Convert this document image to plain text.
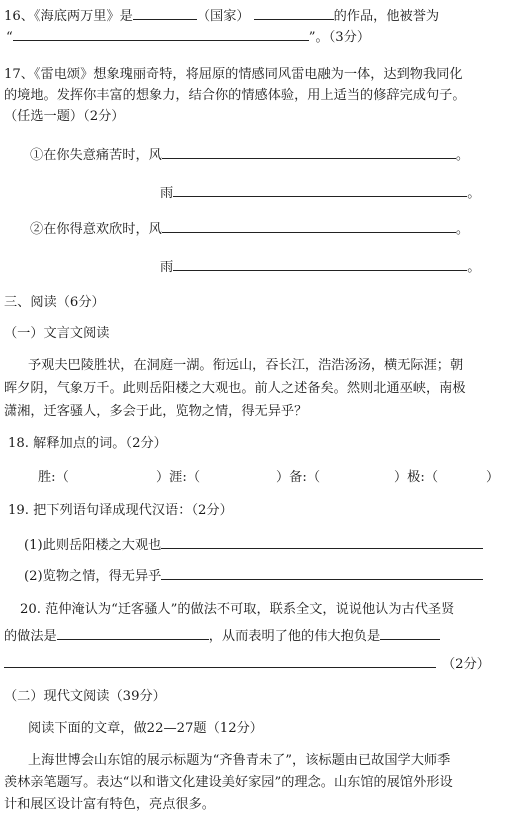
16、《海底两万里》是	（国家）	的作品，他被誉为
“	”。（3分）
17、《雷电颂》想象瑰丽奇特，将屈原的情感同风雷电融为一体，达到物我同化
的境地。发挥你丰富的想象力，结合你的情感体验，用上适当的修辞完成句子。
（任选一题）（2分）
①在你失意痛苦时，风	。
雨	。
②在你得意欢欣时，风	。
雨	。
三、阅读（6分）
（一）文言文阅读
予观夫巴陵胜状，在洞庭一湖。衔远山，吞长江，浩浩汤汤，横无际涯；朝
晖夕阴，气象万千。此则岳阳楼之大观也。前人之述备矣。然则北通巫峡，南极
潇湘，迁客骚人，多会于此，览物之情，得无异乎？
18. 解释加点的词。（2分）
胜:（	）涯:（	）备:（	）极:（	）
19. 把下列语句译成现代汉语：（2分）
(1)此则岳阳楼之大观也
(2)览物之情，得无异乎
20. 范仲淹认为“迁客骚人”的做法不可取，联系全文，说说他认为古代圣贤
的做法是	，从而表明了他的伟大抱负是
（2分）
（二）现代文阅读（39分）
阅读下面的文章，做22—27题（12分）
上海世博会山东馆的展示标题为“齐鲁青未了”，该标题由已故国学大师季
羡林亲笔题写。表达“以和谐文化建设美好家园”的理念。山东馆的展馆外形设
计和展区设计富有特色，亮点很多。
